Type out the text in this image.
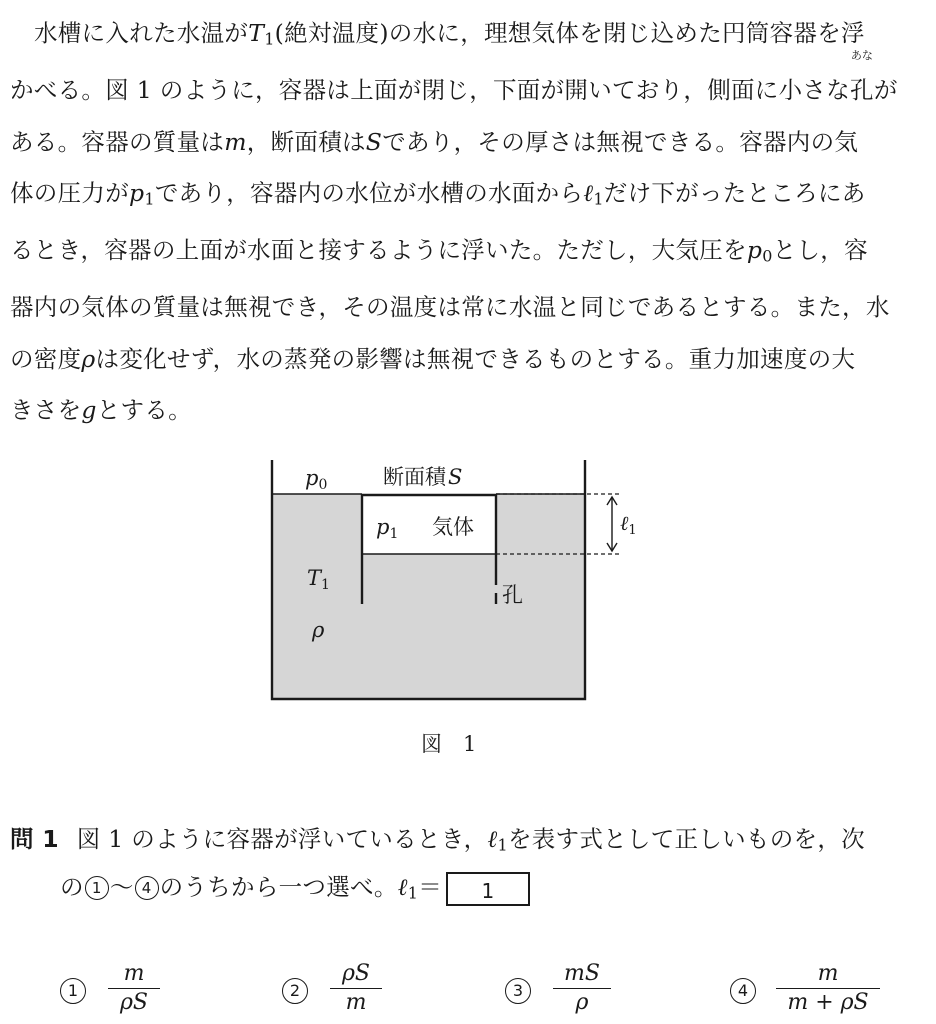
水槽に入れた水温が$T_1$(絶対温度)の水に，理想気体を閉じ込めた円筒容器を浮
かべる。図 1 のように，容器は上面が閉じ，下面が開いており，側面に小さな
あな
孔が
ある。容器の質量はm，断面積はSであり，その厚さは無視できる。容器内の気
体の圧力が$p_1$であり，容器内の水位が水槽の水面からℓ$_1$だけ下がったところにあ
るとき，容器の上面が水面と接するように浮いた。ただし，大気圧を$p_0$とし，容
器内の気体の質量は無視でき，その温度は常に水温と同じであるとする。また，水
の密度ρは変化せず，水の蒸発の影響は無視できるものとする。重力加速度の大
きさをgとする。
p0	断面積S
p1 気体	ℓ$_1$
T1
ρ
孔
図　1
問 1 図 1 のように容器が浮いているとき，ℓ$_1$を表す式として正しいものを，次
の 1 ～ 4 のうちから一つ選べ。ℓ$_1$＝ 1
1
m
ρS	2
ρS
m	3
mS
ρ	4
m
m + ρS
